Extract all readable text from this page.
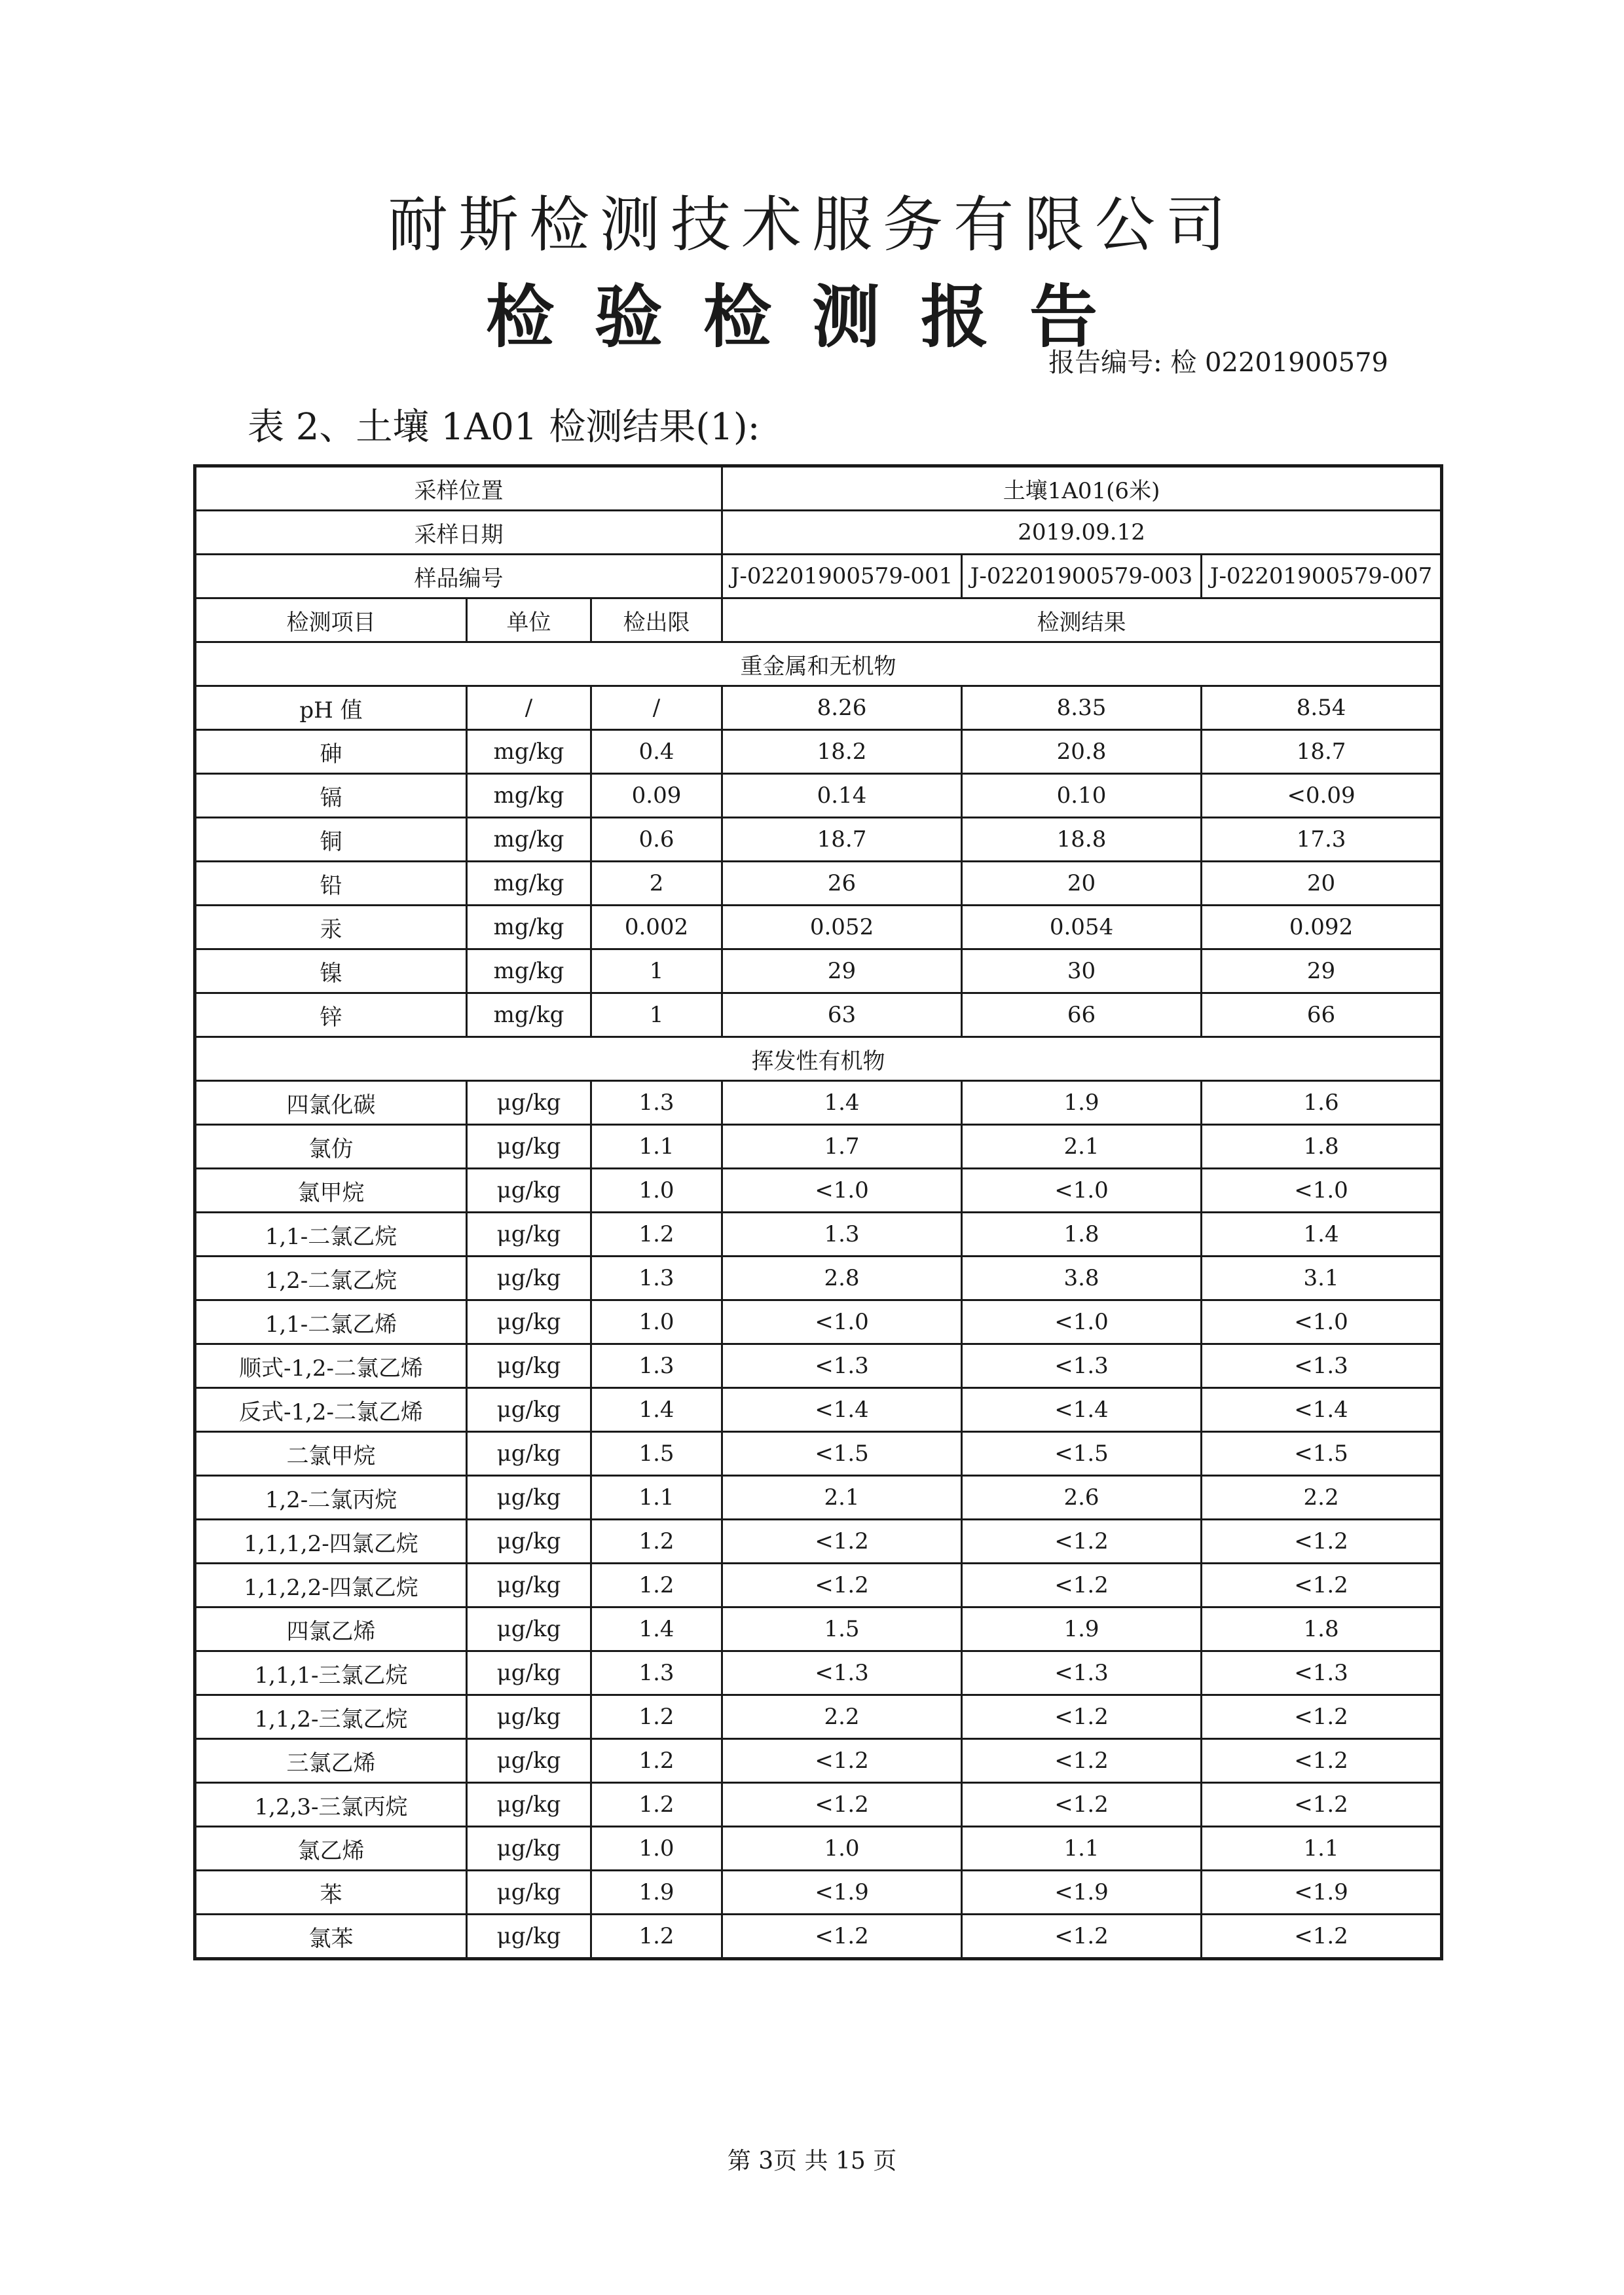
耐斯检测技术服务有限公司
检验检测报告
报告编号: 检 02201900579
表 2、土壤 1A01 检测结果(1):
采样位置			土壤1A01(6米)		
采样日期			2019.09.12		
样品编号			J-02201900579-001	J-02201900579-003	J-02201900579-007
检测项目	单位	检出限	检测结果		
重金属和无机物					
pH 值	/	/	8.26	8.35	8.54
砷	mg/kg	0.4	18.2	20.8	18.7
镉	mg/kg	0.09	0.14	0.10	<0.09
铜	mg/kg	0.6	18.7	18.8	17.3
铅	mg/kg	2	26	20	20
汞	mg/kg	0.002	0.052	0.054	0.092
镍	mg/kg	1	29	30	29
锌	mg/kg	1	63	66	66
挥发性有机物					
四氯化碳	μg/kg	1.3	1.4	1.9	1.6
氯仿	μg/kg	1.1	1.7	2.1	1.8
氯甲烷	μg/kg	1.0	<1.0	<1.0	<1.0
1,1-二氯乙烷	μg/kg	1.2	1.3	1.8	1.4
1,2-二氯乙烷	μg/kg	1.3	2.8	3.8	3.1
1,1-二氯乙烯	μg/kg	1.0	<1.0	<1.0	<1.0
顺式-1,2-二氯乙烯	μg/kg	1.3	<1.3	<1.3	<1.3
反式-1,2-二氯乙烯	μg/kg	1.4	<1.4	<1.4	<1.4
二氯甲烷	μg/kg	1.5	<1.5	<1.5	<1.5
1,2-二氯丙烷	μg/kg	1.1	2.1	2.6	2.2
1,1,1,2-四氯乙烷	μg/kg	1.2	<1.2	<1.2	<1.2
1,1,2,2-四氯乙烷	μg/kg	1.2	<1.2	<1.2	<1.2
四氯乙烯	μg/kg	1.4	1.5	1.9	1.8
1,1,1-三氯乙烷	μg/kg	1.3	<1.3	<1.3	<1.3
1,1,2-三氯乙烷	μg/kg	1.2	2.2	<1.2	<1.2
三氯乙烯	μg/kg	1.2	<1.2	<1.2	<1.2
1,2,3-三氯丙烷	μg/kg	1.2	<1.2	<1.2	<1.2
氯乙烯	μg/kg	1.0	1.0	1.1	1.1
苯	μg/kg	1.9	<1.9	<1.9	<1.9
氯苯	μg/kg	1.2	<1.2	<1.2	<1.2
第 3页 共 15 页
